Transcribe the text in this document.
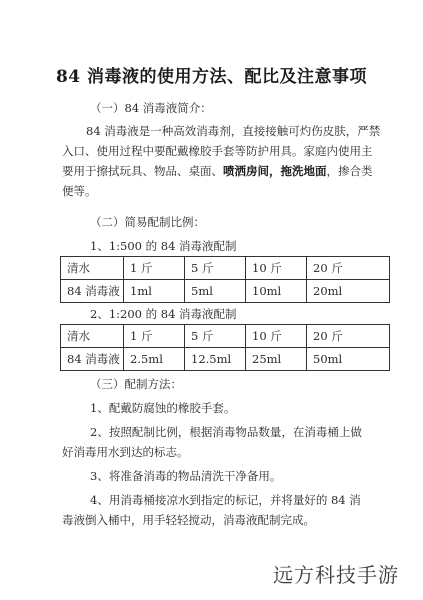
84 消毒液的使用方法、配比及注意事项
（一）84 消毒液简介：
84 消毒液是一种高效消毒剂，直接接触可灼伤皮肤，严禁入口、使用过程中要配戴橡胶手套等防护用具。家庭内使用主要用于擦拭玩具、物品、桌面、喷洒房间，拖洗地面，掺合类便等。
（二）简易配制比例：
1、1:500 的 84 消毒液配制
清水	1 斤	5 斤	10 斤	20 斤
84 消毒液	1ml	5ml	10ml	20ml
2、1:200 的 84 消毒液配制
清水	1 斤	5 斤	10 斤	20 斤
84 消毒液	2.5ml	12.5ml	25ml	50ml
（三）配制方法：
1、配戴防腐蚀的橡胶手套。
2、按照配制比例，根据消毒物品数量，在消毒桶上做
好消毒用水到达的标志。
3、将准备消毒的物品清洗干净备用。
4、用消毒桶接凉水到指定的标记，并将量好的 84 消
毒液倒入桶中，用手轻轻搅动，消毒液配制完成。
远方科技手游
